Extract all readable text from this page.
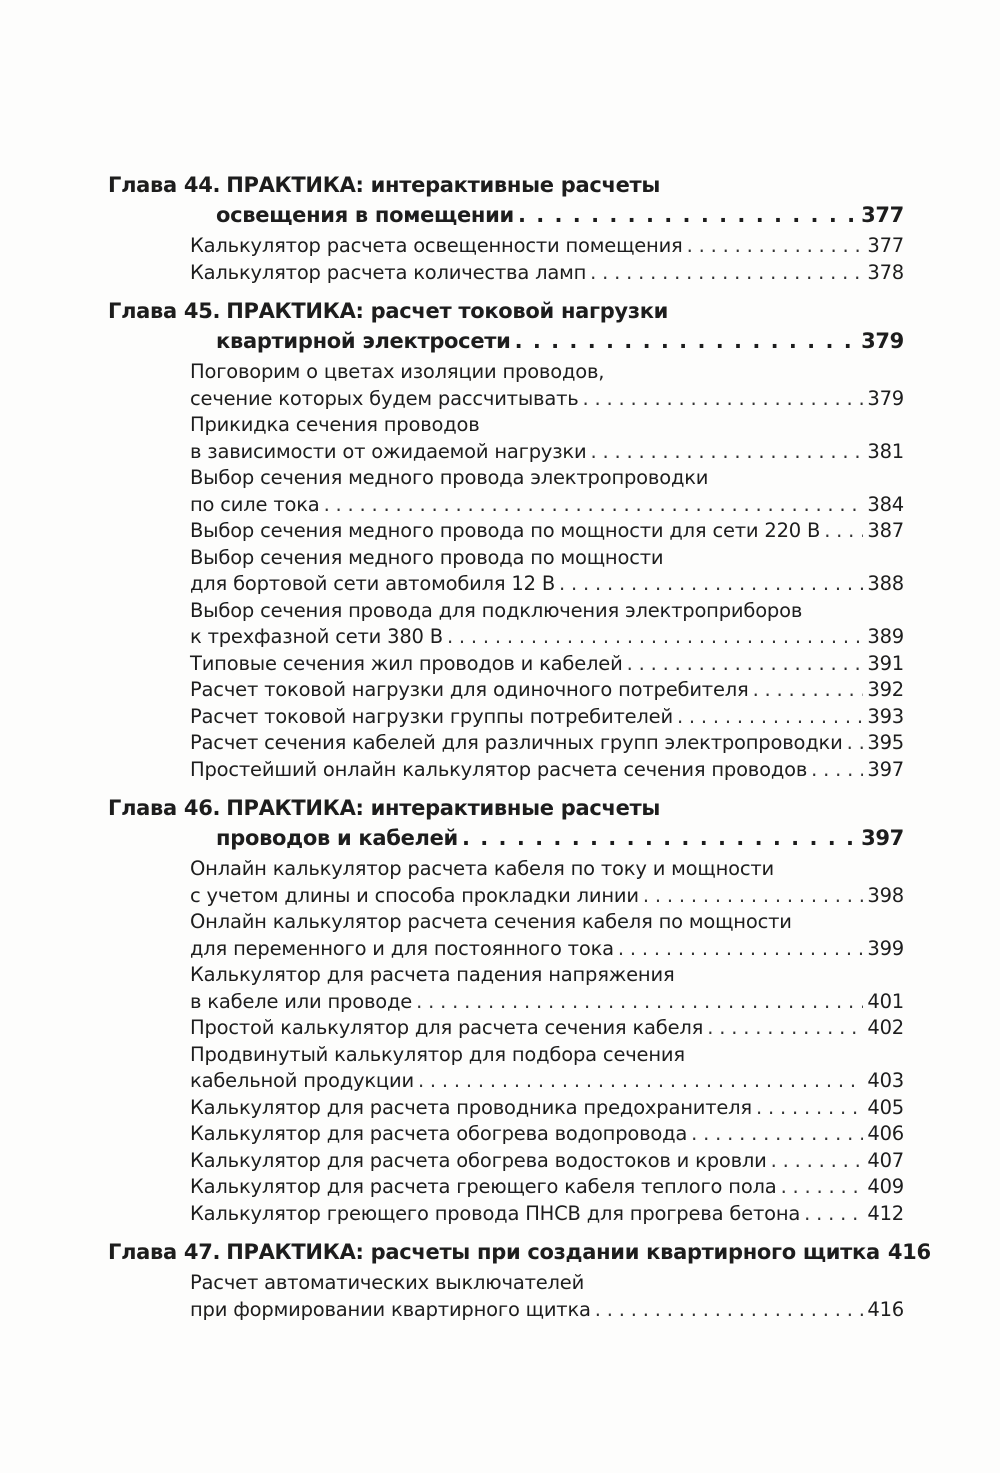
Глава 44. ПРАКТИКА: интерактивные расчеты
освещения в помещении . . .	377
Калькулятор расчета освещенности помещения . . .	377
Калькулятор расчета количества ламп . . .	378
Глава 45. ПРАКТИКА: расчет токовой нагрузки
квартирной электросети . . .	379
Поговорим о цветах изоляции проводов,
сечение которых будем рассчитывать . . .	379
Прикидка сечения проводов
в зависимости от ожидаемой нагрузки . . .	381
Выбор сечения медного провода электропроводки
по силе тока . . .	384
Выбор сечения медного провода по мощности для сети 220 В . . . 387
Выбор сечения медного провода по мощности
для бортовой сети автомобиля 12 В . . .	388
Выбор сечения провода для подключения электроприборов
к трехфазной сети 380 В . . .	389
Типовые сечения жил проводов и кабелей . . .	391
Расчет токовой нагрузки для одиночного потребителя . . .	392
Расчет токовой нагрузки группы потребителей . . .	393
Расчет сечения кабелей для различных групп электропроводки . . . 395
Простейший онлайн калькулятор расчета сечения проводов . . .	397
Глава 46. ПРАКТИКА: интерактивные расчеты
проводов и кабелей . . .	397
Онлайн калькулятор расчета кабеля по току и мощности
с учетом длины и способа прокладки линии . . .	398
Онлайн калькулятор расчета сечения кабеля по мощности
для переменного и для постоянного тока . . .	399
Калькулятор для расчета падения напряжения
в кабеле или проводе . . .	401
Простой калькулятор для расчета сечения кабеля . . .	402
Продвинутый калькулятор для подбора сечения
кабельной продукции . . .	403
Калькулятор для расчета проводника предохранителя . . .	405
Калькулятор для расчета обогрева водопровода . . .	406
Калькулятор для расчета обогрева водостоков и кровли . . .	407
Калькулятор для расчета греющего кабеля теплого пола . . .	409
Калькулятор греющего провода ПНСВ для прогрева бетона . . .	412
Глава 47. ПРАКТИКА: расчеты при создании квартирного щитка 416
Расчет автоматических выключателей
при формировании квартирного щитка . . .	416
